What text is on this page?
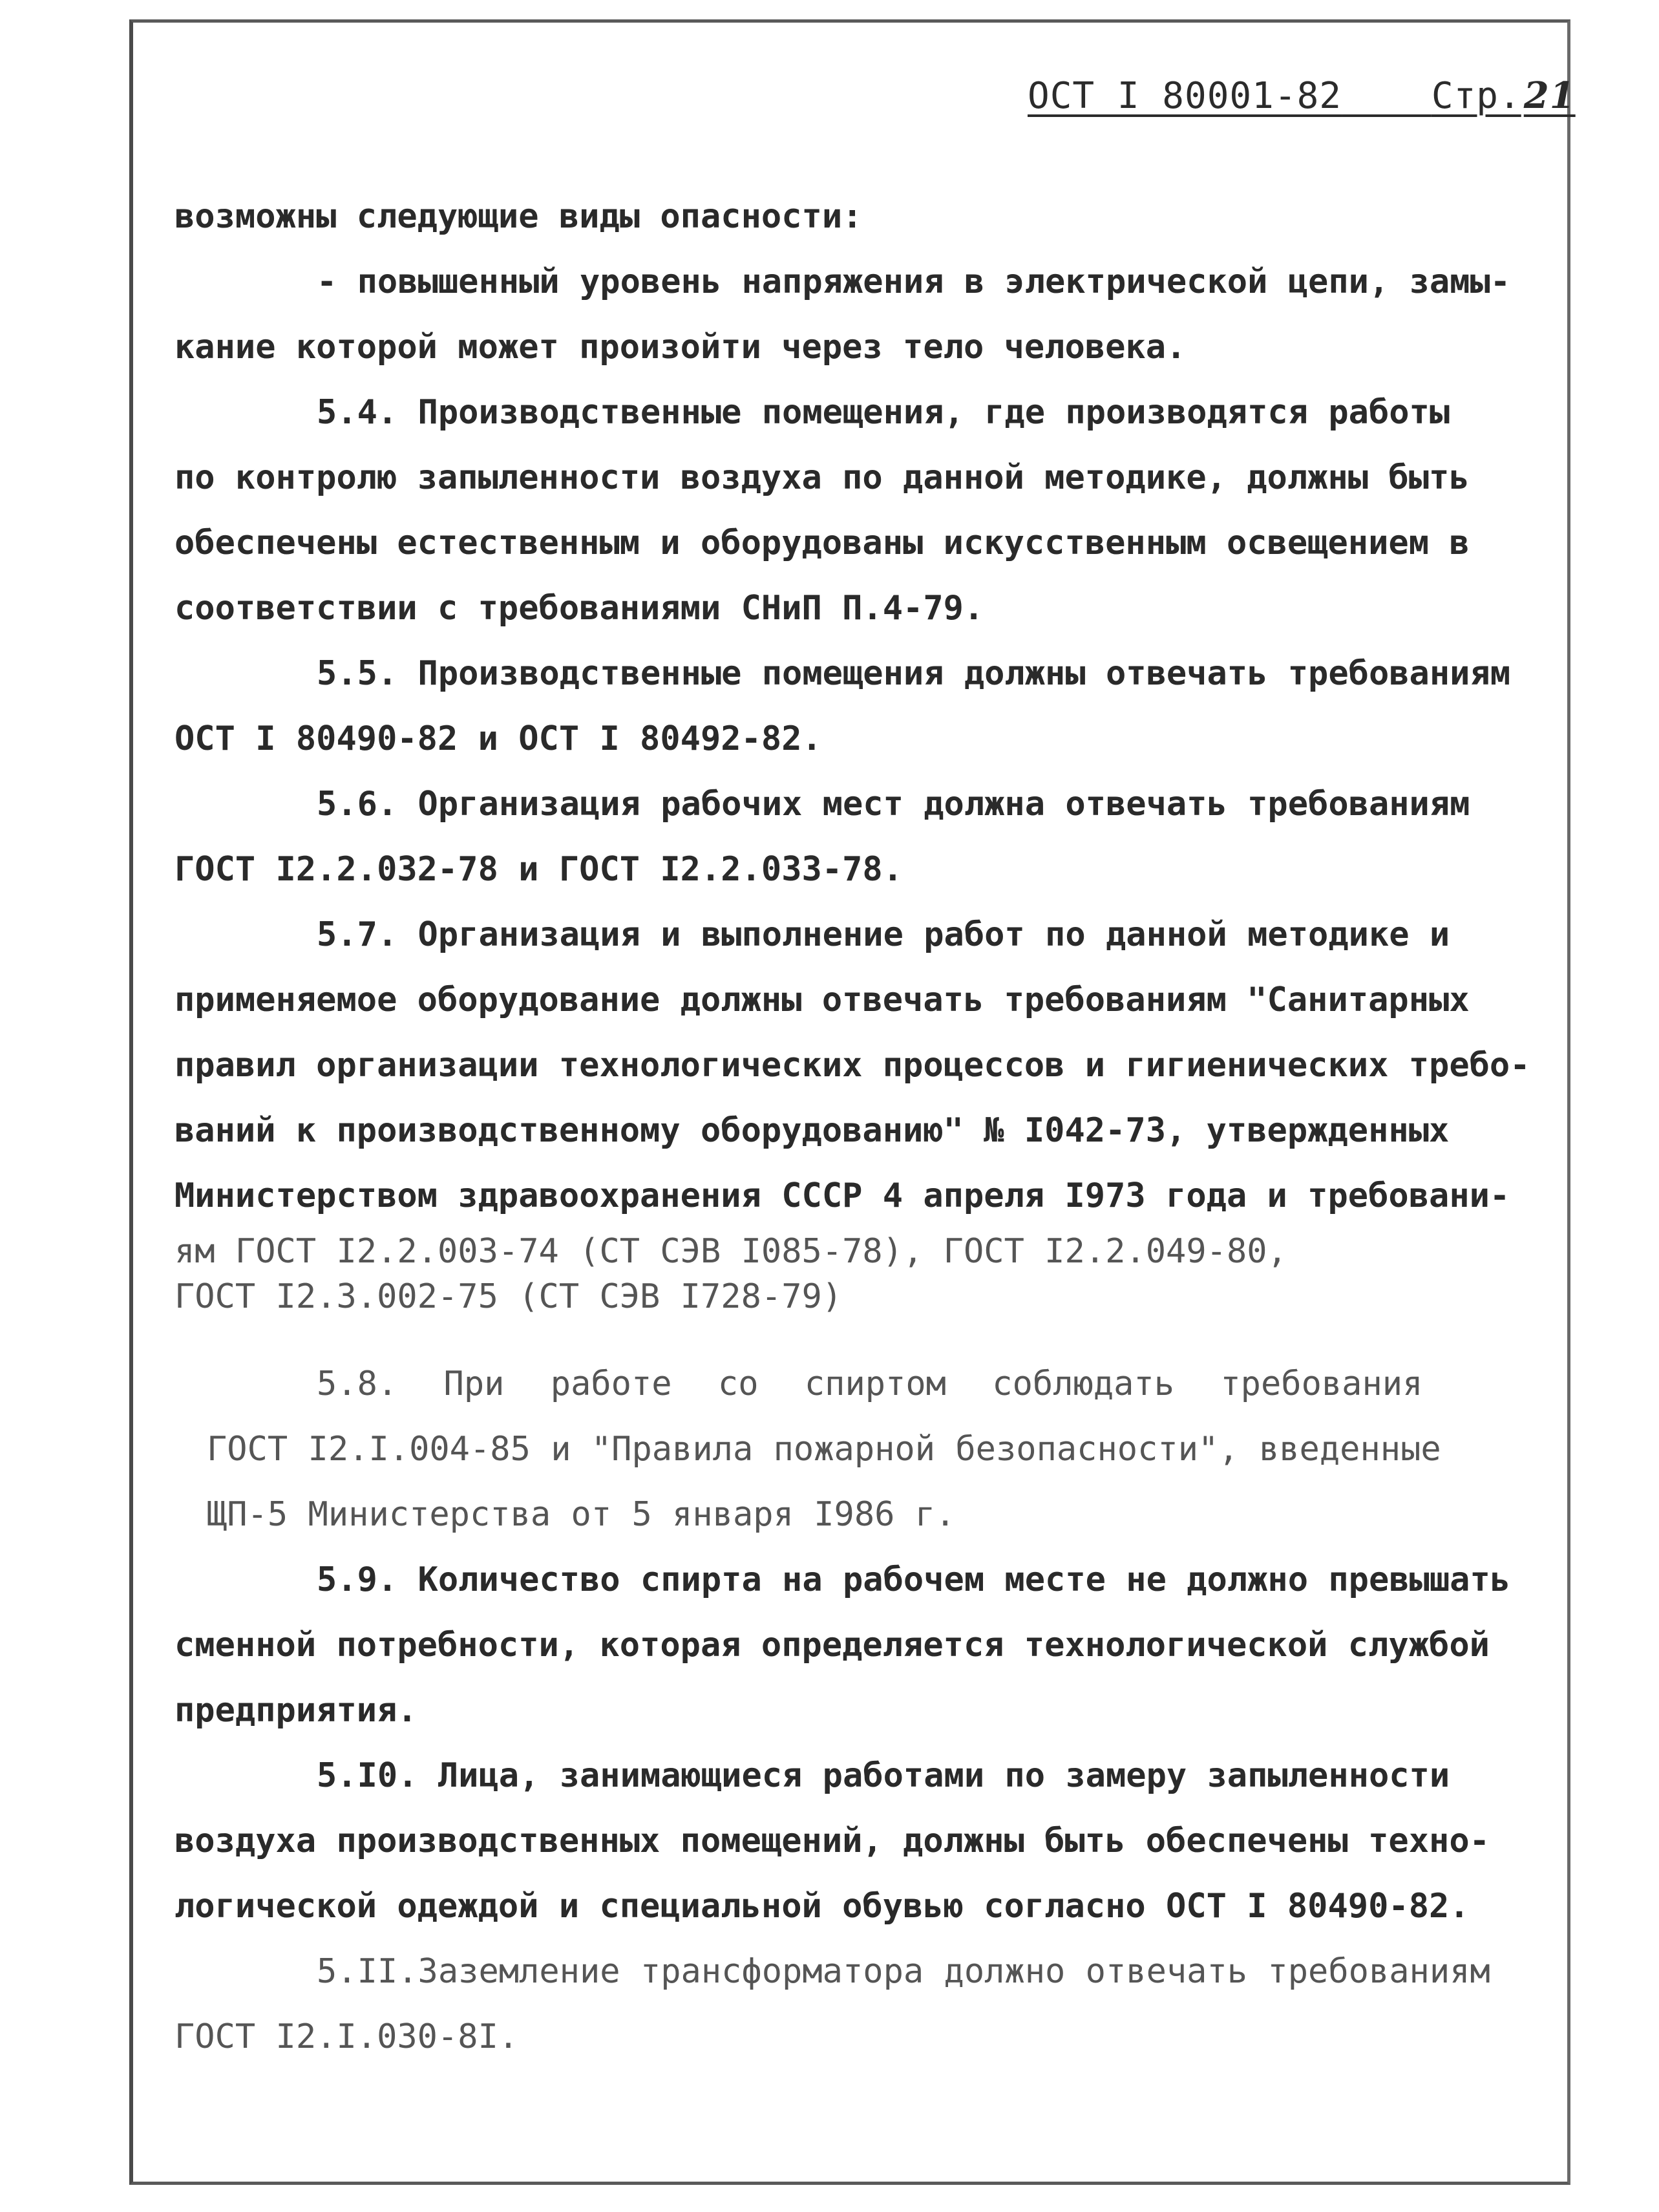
ОСТ I 80001-82 Стр.21
возможны следующие виды опасности:
- повышенный уровень напряжения в электрической цепи, замы-
кание которой может произойти через тело человека.
5.4. Производственные помещения, где производятся работы
по контролю запыленности воздуха по данной методике, должны быть
обеспечены естественным и оборудованы искусственным освещением в
соответствии с требованиями СНиП П.4-79.
5.5. Производственные помещения должны отвечать требованиям
ОСТ I 80490-82 и ОСТ I 80492-82.
5.6. Организация рабочих мест должна отвечать требованиям
ГОСТ I2.2.032-78 и ГОСТ I2.2.033-78.
5.7. Организация и выполнение работ по данной методике и
применяемое оборудование должны отвечать требованиям "Санитарных
правил организации технологических процессов и гигиенических требо-
ваний к производственному оборудованию" № I042-73, утвержденных
Министерством здравоохранения СССР 4 апреля I973 года и требовани-
ям ГОСТ I2.2.003-74 (СТ СЭВ I085-78), ГОСТ I2.2.049-80,
ГОСТ I2.3.002-75 (СТ СЭВ I728-79)
5.8. При работе со спиртом соблюдать требования
ГОСТ I2.I.004-85 и "Правила пожарной безопасности", введенные
ЩП-5 Министерства от 5 января I986 г.
5.9. Количество спирта на рабочем месте не должно превышать
сменной потребности, которая определяется технологической службой
предприятия.
5.I0. Лица, занимающиеся работами по замеру запыленности
воздуха производственных помещений, должны быть обеспечены техно-
логической одеждой и специальной обувью согласно ОСТ I 80490-82.
5.II.Заземление трансформатора должно отвечать требованиям
ГОСТ I2.I.030-8I.
